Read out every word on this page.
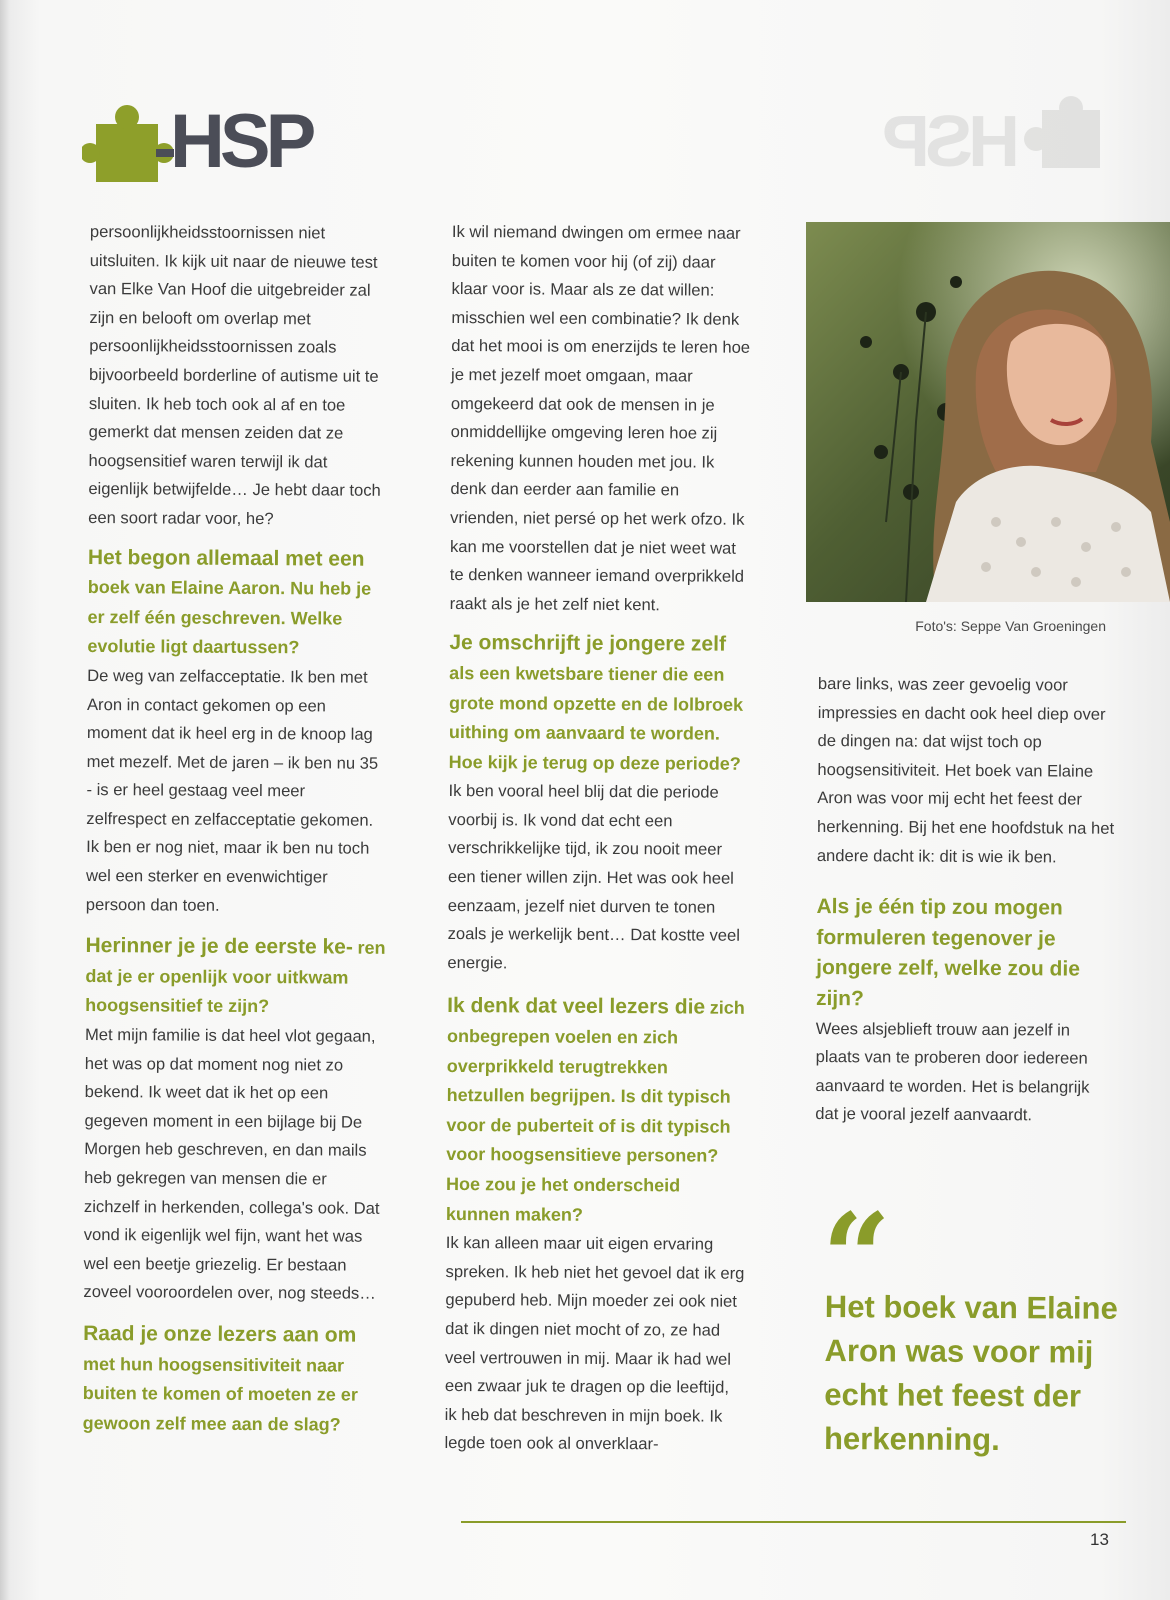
HSP
HSP

persoonlijkheidsstoornissen niet uitsluiten. Ik kijk uit naar de nieuwe test van Elke Van Hoof die uitgebreider zal zijn en belooft om overlap met persoonlijkheidsstoornissen zoals bijvoorbeeld borderline of autisme uit te sluiten. Ik heb toch ook al af en toe gemerkt dat mensen zeiden dat ze hoogsensitief waren terwijl ik dat eigenlijk betwijfelde… Je hebt daar toch een soort radar voor, he?

Het begon allemaal met een boek van Elaine Aaron. Nu heb je er zelf één geschreven. Welke evolutie ligt daartussen?

De weg van zelfacceptatie. Ik ben met Aron in contact gekomen op een moment dat ik heel erg in de knoop lag met mezelf. Met de jaren – ik ben nu 35 - is er heel gestaag veel meer zelfrespect en zelfacceptatie gekomen. Ik ben er nog niet, maar ik ben nu toch wel een sterker en evenwichtiger persoon dan toen.

Herinner je je de eerste ke- ren dat je er openlijk voor uitkwam hoogsensitief te zijn?

Met mijn familie is dat heel vlot gegaan, het was op dat moment nog niet zo bekend. Ik weet dat ik het op een gegeven moment in een bijlage bij De Morgen heb geschreven, en dan mails heb gekregen van mensen die er zichzelf in herkenden, collega's ook. Dat vond ik eigenlijk wel fijn, want het was wel een beetje griezelig. Er bestaan zoveel vooroordelen over, nog steeds…

Raad je onze lezers aan om met hun hoogsensitiviteit naar buiten te komen of moeten ze er gewoon zelf mee aan de slag?

Ik wil niemand dwingen om ermee naar buiten te komen voor hij (of zij) daar klaar voor is. Maar als ze dat willen: misschien wel een combinatie? Ik denk dat het mooi is om enerzijds te leren hoe je met jezelf moet omgaan, maar omgekeerd dat ook de mensen in je onmiddellijke omgeving leren hoe zij rekening kunnen houden met jou. Ik denk dan eerder aan familie en vrienden, niet persé op het werk ofzo. Ik kan me voorstellen dat je niet weet wat te denken wanneer iemand overprikkeld raakt als je het zelf niet kent.

Je omschrijft je jongere zelf als een kwetsbare tiener die een grote mond opzette en de lolbroek uithing om aanvaard te worden. Hoe kijk je terug op deze periode?

Ik ben vooral heel blij dat die periode voorbij is. Ik vond dat echt een verschrikkelijke tijd, ik zou nooit meer een tiener willen zijn. Het was ook heel eenzaam, jezelf niet durven te tonen zoals je werkelijk bent… Dat kostte veel energie.

Ik denk dat veel lezers die zich onbegrepen voelen en zich overprikkeld terugtrekken hetzullen begrijpen. Is dit typisch voor de puberteit of is dit typisch voor hoogsensitieve personen? Hoe zou je het onderscheid kunnen maken?

Ik kan alleen maar uit eigen ervaring spreken. Ik heb niet het gevoel dat ik erg gepuberd heb. Mijn moeder zei ook niet dat ik dingen niet mocht of zo, ze had veel vertrouwen in mij. Maar ik had wel een zwaar juk te dragen op die leeftijd, ik heb dat beschreven in mijn boek. Ik legde toen ook al onverklaar-

Foto's: Seppe Van Groeningen

bare links, was zeer gevoelig voor impressies en dacht ook heel diep over de dingen na: dat wijst toch op hoogsensitiviteit. Het boek van Elaine Aron was voor mij echt het feest der herkenning. Bij het ene hoofdstuk na het andere dacht ik: dit is wie ik ben.

Als je één tip zou mogen formuleren tegenover je jongere zelf, welke zou die zijn?

Wees alsjeblieft trouw aan jezelf in plaats van te proberen door iedereen aanvaard te worden. Het is belangrijk dat je vooral jezelf aanvaardt.

“
Het boek van Elaine Aron was voor mij echt het feest der herkenning.
13
